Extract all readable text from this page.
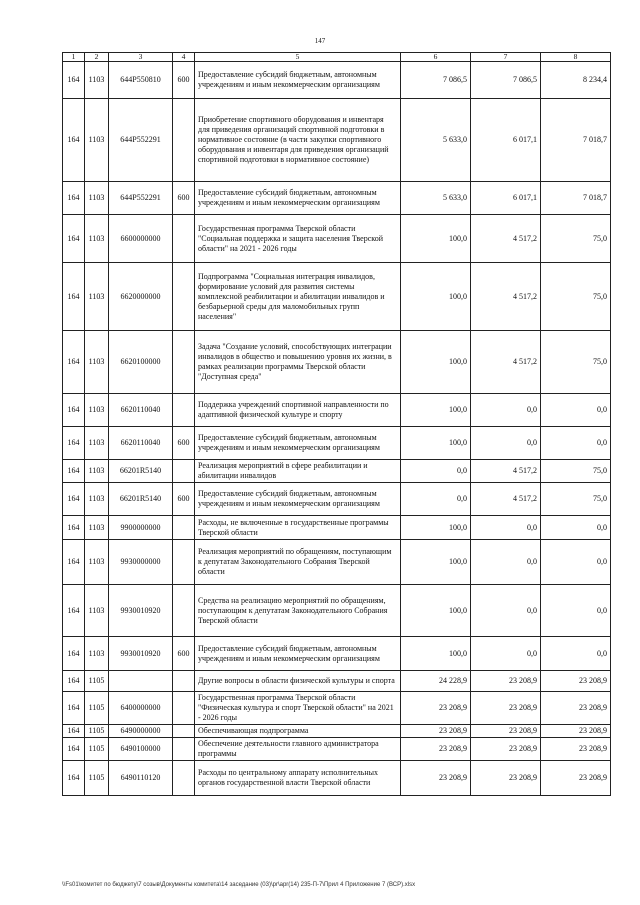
147
1	2	3	4	5	6	7	8
164	1103	644P550810	600	Предоставление субсидий бюджетным, автономным учреждениям и иным некоммерческим организациям	7 086,5	7 086,5	8 234,4
164	1103	644P552291		Приобретение спортивного оборудования и инвентаря для приведения организаций спортивной подготовки в нормативное состояние (в части закупки спортивного оборудования и инвентаря для приведения организаций спортивной подготовки в нормативное состояние)	5 633,0	6 017,1	7 018,7
164	1103	644P552291	600	Предоставление субсидий бюджетным, автономным учреждениям и иным некоммерческим организациям	5 633,0	6 017,1	7 018,7
164	1103	6600000000		Государственная программа Тверской области "Социальная поддержка и защита населения Тверской области" на 2021 - 2026 годы	100,0	4 517,2	75,0
164	1103	6620000000		Подпрограмма "Социальная интеграция инвалидов, формирование условий для развития системы комплексной реабилитации и абилитации инвалидов и безбарьерной среды для маломобильных групп населения"	100,0	4 517,2	75,0
164	1103	6620100000		Задача "Создание условий, способствующих интеграции инвалидов в общество и повышению уровня их жизни, в рамках реализации программы Тверской области "Доступная среда"	100,0	4 517,2	75,0
164	1103	6620110040		Поддержка учреждений спортивной направленности по адаптивной физической культуре и спорту	100,0	0,0	0,0
164	1103	6620110040	600	Предоставление субсидий бюджетным, автономным учреждениям и иным некоммерческим организациям	100,0	0,0	0,0
164	1103	66201R5140		Реализация мероприятий в сфере реабилитации и абилитации инвалидов	0,0	4 517,2	75,0
164	1103	66201R5140	600	Предоставление субсидий бюджетным, автономным учреждениям и иным некоммерческим организациям	0,0	4 517,2	75,0
164	1103	9900000000		Расходы, не включенные в государственные программы Тверской области	100,0	0,0	0,0
164	1103	9930000000		Реализация мероприятий по обращениям, поступающим к депутатам Законодательного Собрания Тверской области	100,0	0,0	0,0
164	1103	9930010920		Средства на реализацию мероприятий по обращениям, поступающим к депутатам Законодательного Собрания Тверской области	100,0	0,0	0,0
164	1103	9930010920	600	Предоставление субсидий бюджетным, автономным учреждениям и иным некоммерческим организациям	100,0	0,0	0,0
164	1105			Другие вопросы в области физической культуры и спорта	24 228,9	23 208,9	23 208,9
164	1105	6400000000		Государственная программа Тверской области "Физическая культура и спорт Тверской области" на 2021 - 2026 годы	23 208,9	23 208,9	23 208,9
164	1105	6490000000		Обеспечивающая подпрограмма	23 208,9	23 208,9	23 208,9
164	1105	6490100000		Обеспечение деятельности главного администратора программы	23 208,9	23 208,9	23 208,9
164	1105	6490110120		Расходы по центральному аппарату исполнительных органов государственной власти Тверской области	23 208,9	23 208,9	23 208,9
\\Fs01\комитет по бюджету\7 созыв\Документы комитета\14 заседание (03)\pr\apr(14) 235-П-7\Прил 4 Приложение 7 (ВСР).xlsx
